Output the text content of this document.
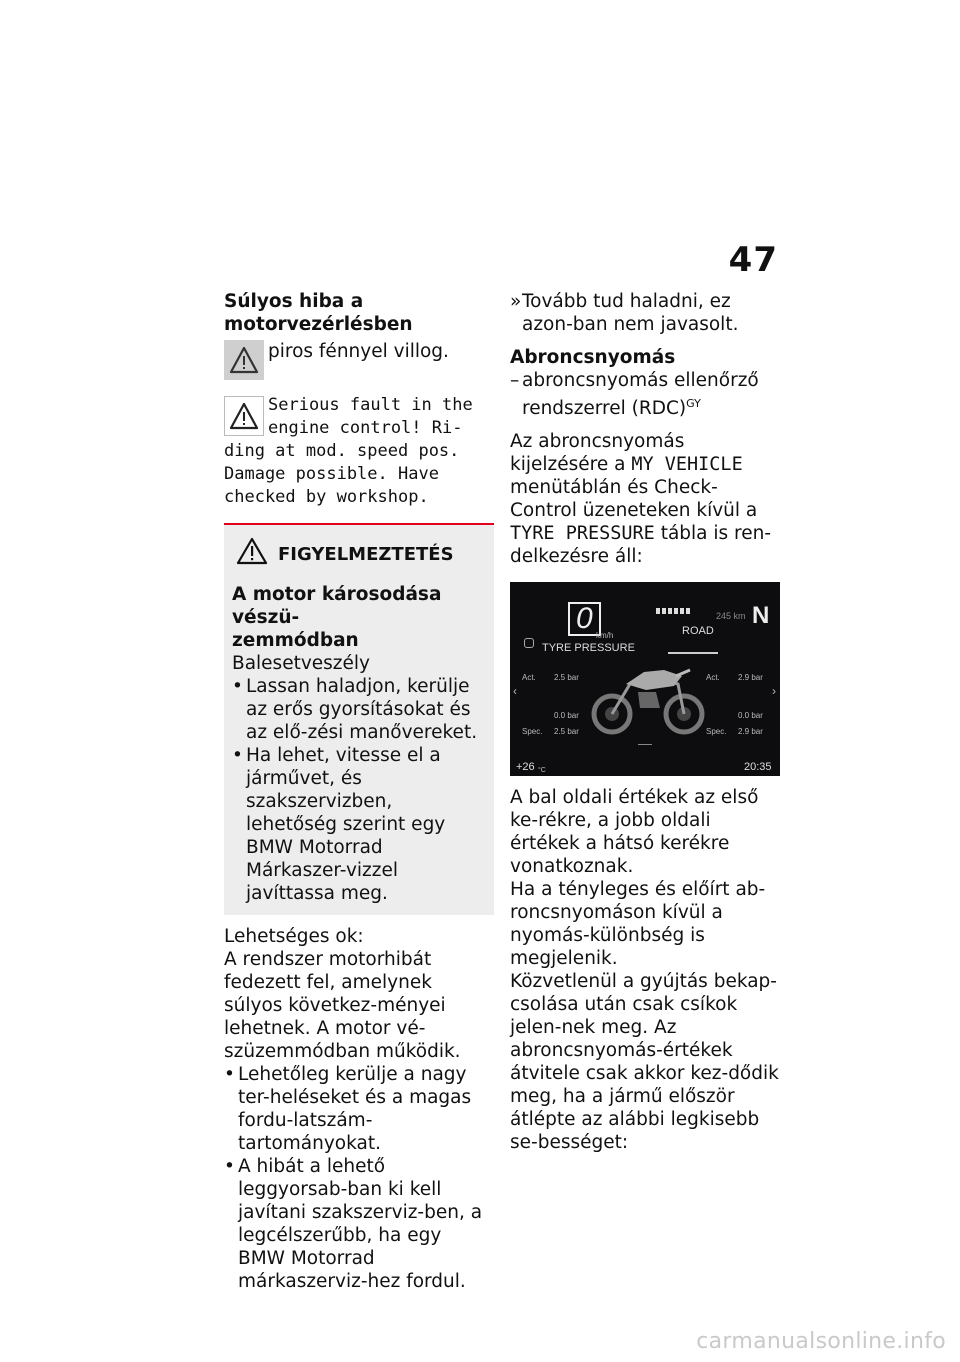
47
Súlyos hiba a motorvezérlésben
piros fénnyel villog.
Serious fault in the engine control! Ri-
ding at mod. speed pos.
Damage possible. Have
checked by workshop.
FIGYELMEZTETÉS
A motor károsodása vészü-
zemmódban
Balesetveszély
• Lassan haladjon, kerülje az erős gyorsításokat és az elő-zési manővereket.
• Ha lehet, vitesse el a járművet, és szakszervizben, lehetőség szerint egy BMW Motorrad Márkaszer-vizzel javíttassa meg.

Lehetséges ok:
A rendszer motorhibát fedezett fel, amelynek súlyos következ-ményei lehetnek. A motor vé-szüzemmódban működik.

• Lehetőleg kerülje a nagy ter-heléseket és a magas fordu-latszám-tartományokat.
• A hibát a lehető leggyorsab-ban ki kell javítani szakszerviz-ben, a legcélszerűbb, ha egy BMW Motorrad márkaszerviz-hez fordul.
» Tovább tud haladni, ez azon-ban nem javasolt.

Abroncsnyomás

– abroncsnyomás ellenőrző rendszerrel (RDC)$^{GY}$

Az abroncsnyomás kijelzésére a MY VEHICLE menütáblán és Check-Control üzeneteken kívül a TYRE PRESSURE tábla is ren-delkezésre áll:

0
km/h
245 km
ROAD
N
TYRE PRESSURE
Act. 2.5 bar	Act. 2.9 bar
‹	›
0.0 bar	0.0 bar
Spec. 2.5 bar	Spec. 2.9 bar
+26 °C	20:35

A bal oldali értékek az első ke-rékre, a jobb oldali értékek a hátsó kerékre vonatkoznak.

Ha a tényleges és előírt ab-roncsnyomáson kívül a nyomás-különbség is megjelenik.
Közvetlenül a gyújtás bekap-csolása után csak csíkok jelen-nek meg. Az abroncsnyomás-értékek átvitele csak akkor kez-dődik meg, ha a jármű először átlépte az alábbi legkisebb se-bességet:
carmanualsonline.info
